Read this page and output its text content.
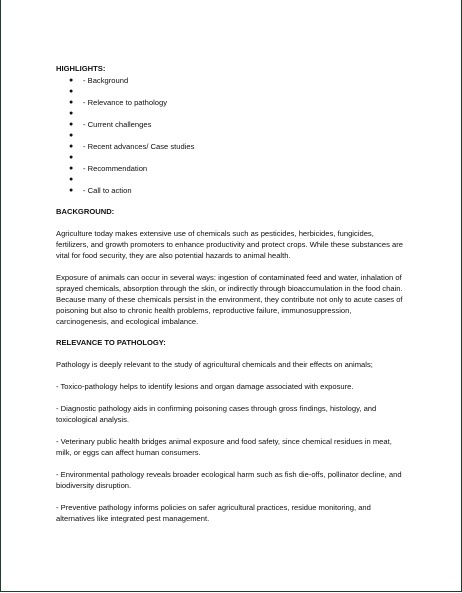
HIGHLIGHTS:
● - Background
●
● - Relevance to pathology
●
● - Current challenges
●
● - Recent advances/ Case studies
●
● - Recommendation
●
● - Call to action
BACKGROUND:

Agriculture today makes extensive use of chemicals such as pesticides, herbicides, fungicides, fertilizers, and growth promoters to enhance productivity and protect crops. While these substances are vital for food security, they are also potential hazards to animal health.

Exposure of animals can occur in several ways: ingestion of contaminated feed and water, inhalation of sprayed chemicals, absorption through the skin, or indirectly through bioaccumulation in the food chain. Because many of these chemicals persist in the environment, they contribute not only to acute cases of poisoning but also to chronic health problems, reproductive failure, immunosuppression, carcinogenesis, and ecological imbalance.

RELEVANCE TO PATHOLOGY:

Pathology is deeply relevant to the study of agricultural chemicals and their effects on animals;

- Toxico-pathology helps to identify lesions and organ damage associated with exposure.

- Diagnostic pathology aids in confirming poisoning cases through gross findings, histology, and toxicological analysis.

- Veterinary public health bridges animal exposure and food safety, since chemical residues in meat, milk, or eggs can affect human consumers.

- Environmental pathology reveals broader ecological harm such as fish die-offs, pollinator decline, and biodiversity disruption.

- Preventive pathology informs policies on safer agricultural practices, residue monitoring, and alternatives like integrated pest management.
